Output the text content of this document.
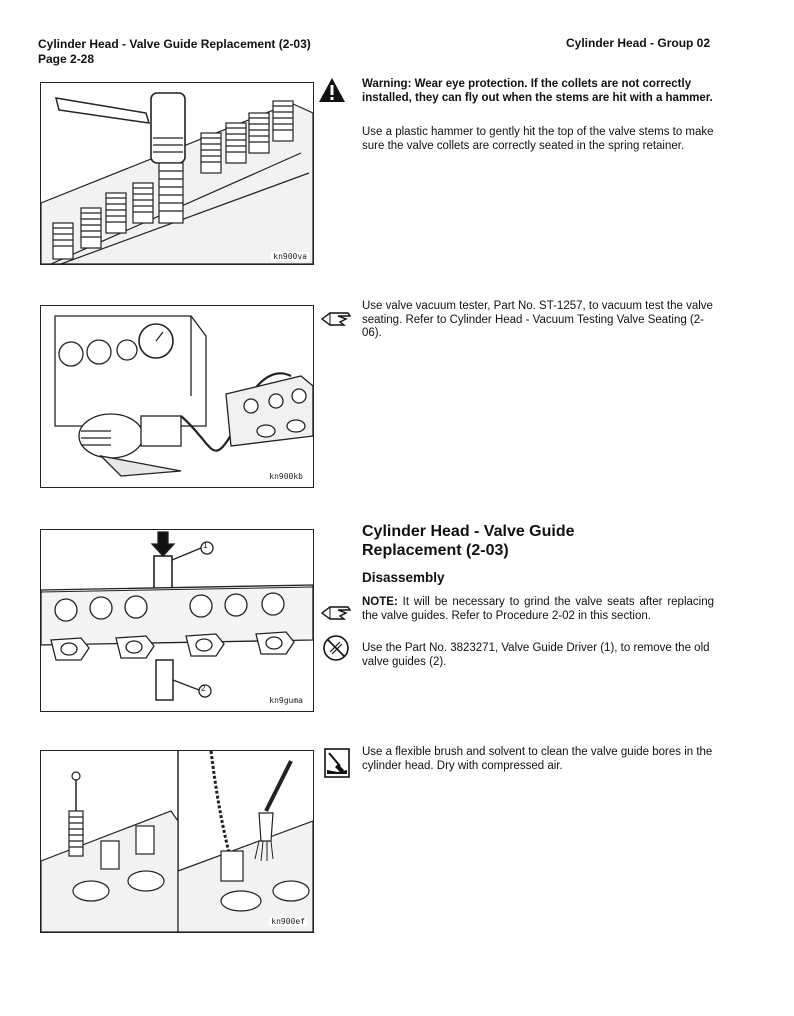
Cylinder Head - Valve Guide Replacement (2-03)
Page 2-28
Cylinder Head - Group 02
kn900va
Warning: Wear eye protection. If the collets are not correctly installed, they can fly out when the stems are hit with a hammer.
Use a plastic hammer to gently hit the top of the valve stems to make sure the valve collets are correctly seated in the spring retainer.
kn900kb
Use valve vacuum tester, Part No. ST-1257, to vacuum test the valve seating. Refer to Cylinder Head - Vacuum Testing Valve Seating (2-06).
1
2
kn9guma
Cylinder Head - Valve Guide
Replacement (2-03)
Disassembly
NOTE: It will be necessary to grind the valve seats after replacing the valve guides. Refer to Procedure 2-02 in this section.
Use the Part No. 3823271, Valve Guide Driver (1), to remove the old valve guides (2).
kn900ef
Use a flexible brush and solvent to clean the valve guide bores in the cylinder head. Dry with compressed air.
